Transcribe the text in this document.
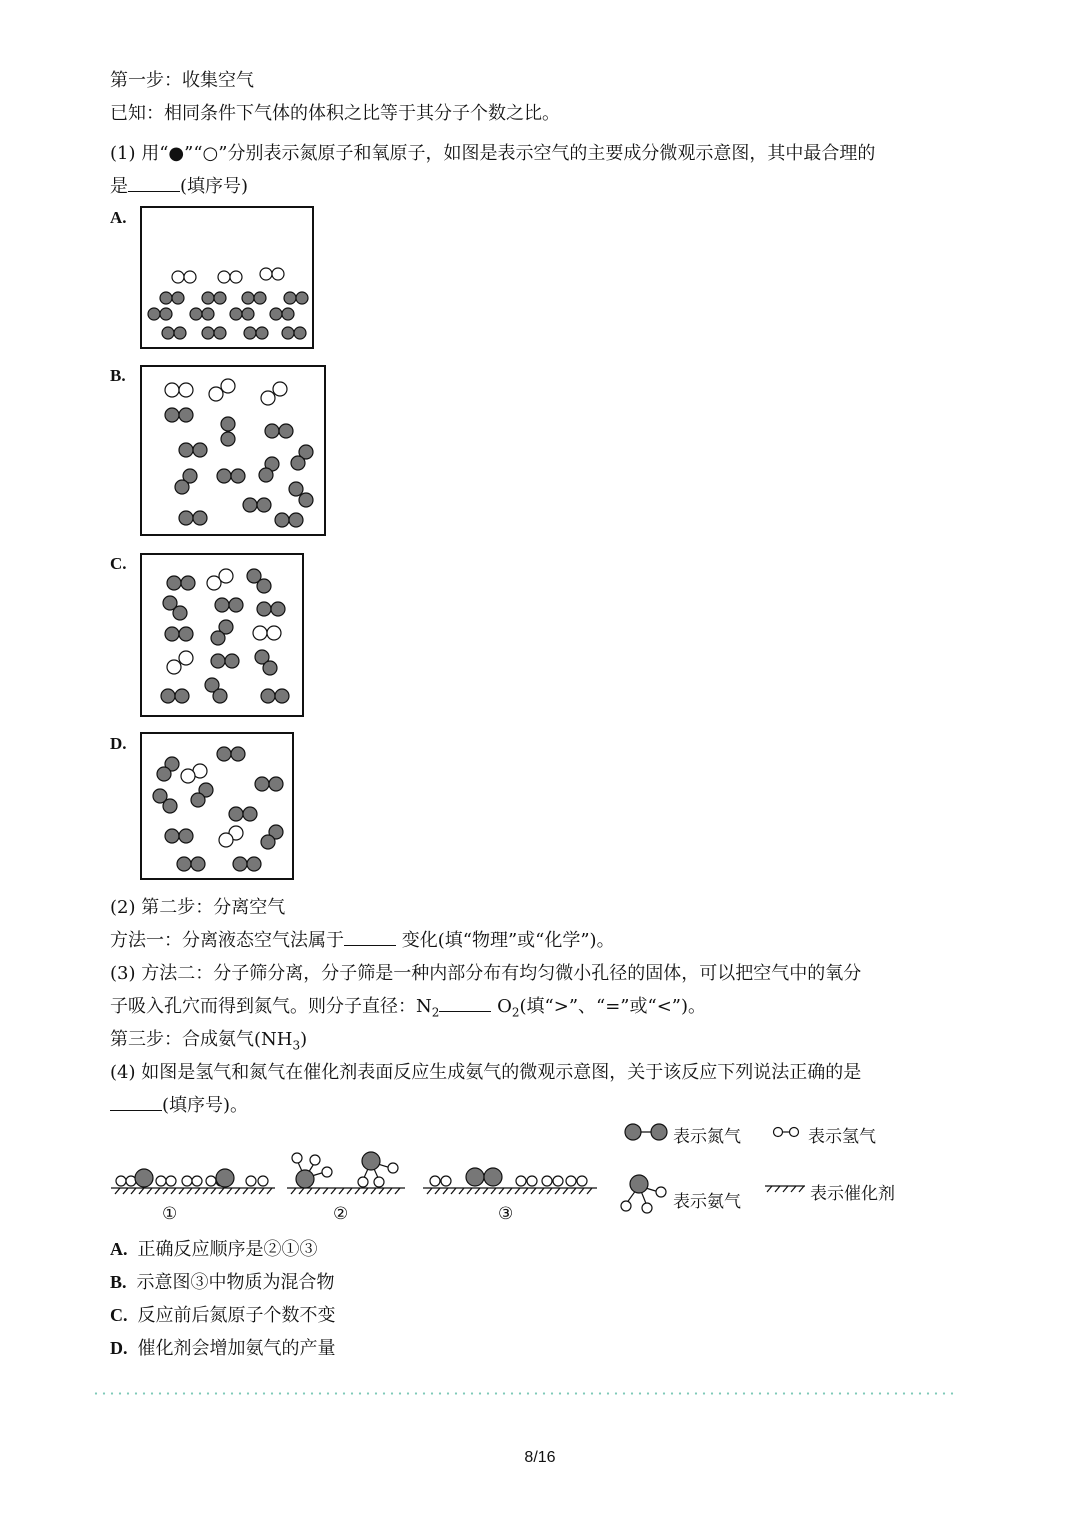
第一步：收集空气
已知：相同条件下气体的体积之比等于其分子个数之比。
(1) 用“●”“○”分别表示氮原子和氧原子，如图是表示空气的主要成分微观示意图，其中最合理的
是	(填序号)
A.
B.
C.
D.
(2) 第二步：分离空气
方法一：分离液态空气法属于	变化(填“物理”或“化学”)。
(3) 方法二：分子筛分离，分子筛是一种内部分布有均匀微小孔径的固体，可以把空气中的氧分
子吸入孔穴而得到氮气。则分子直径：$N_2$	$O_2$(填“>”、“=”或“<”)。
第三步：合成氨气$(NH_3)$
(4) 如图是氢气和氮气在催化剂表面反应生成氨气的微观示意图，关于该反应下列说法正确的是
(填序号)。
表示氮气	表示氢气
表示氨气	表示催化剂
①	②	③
A. 正确反应顺序是②①③
B. 示意图③中物质为混合物
C. 反应前后氮原子个数不变
D. 催化剂会增加氨气的产量
8/16
